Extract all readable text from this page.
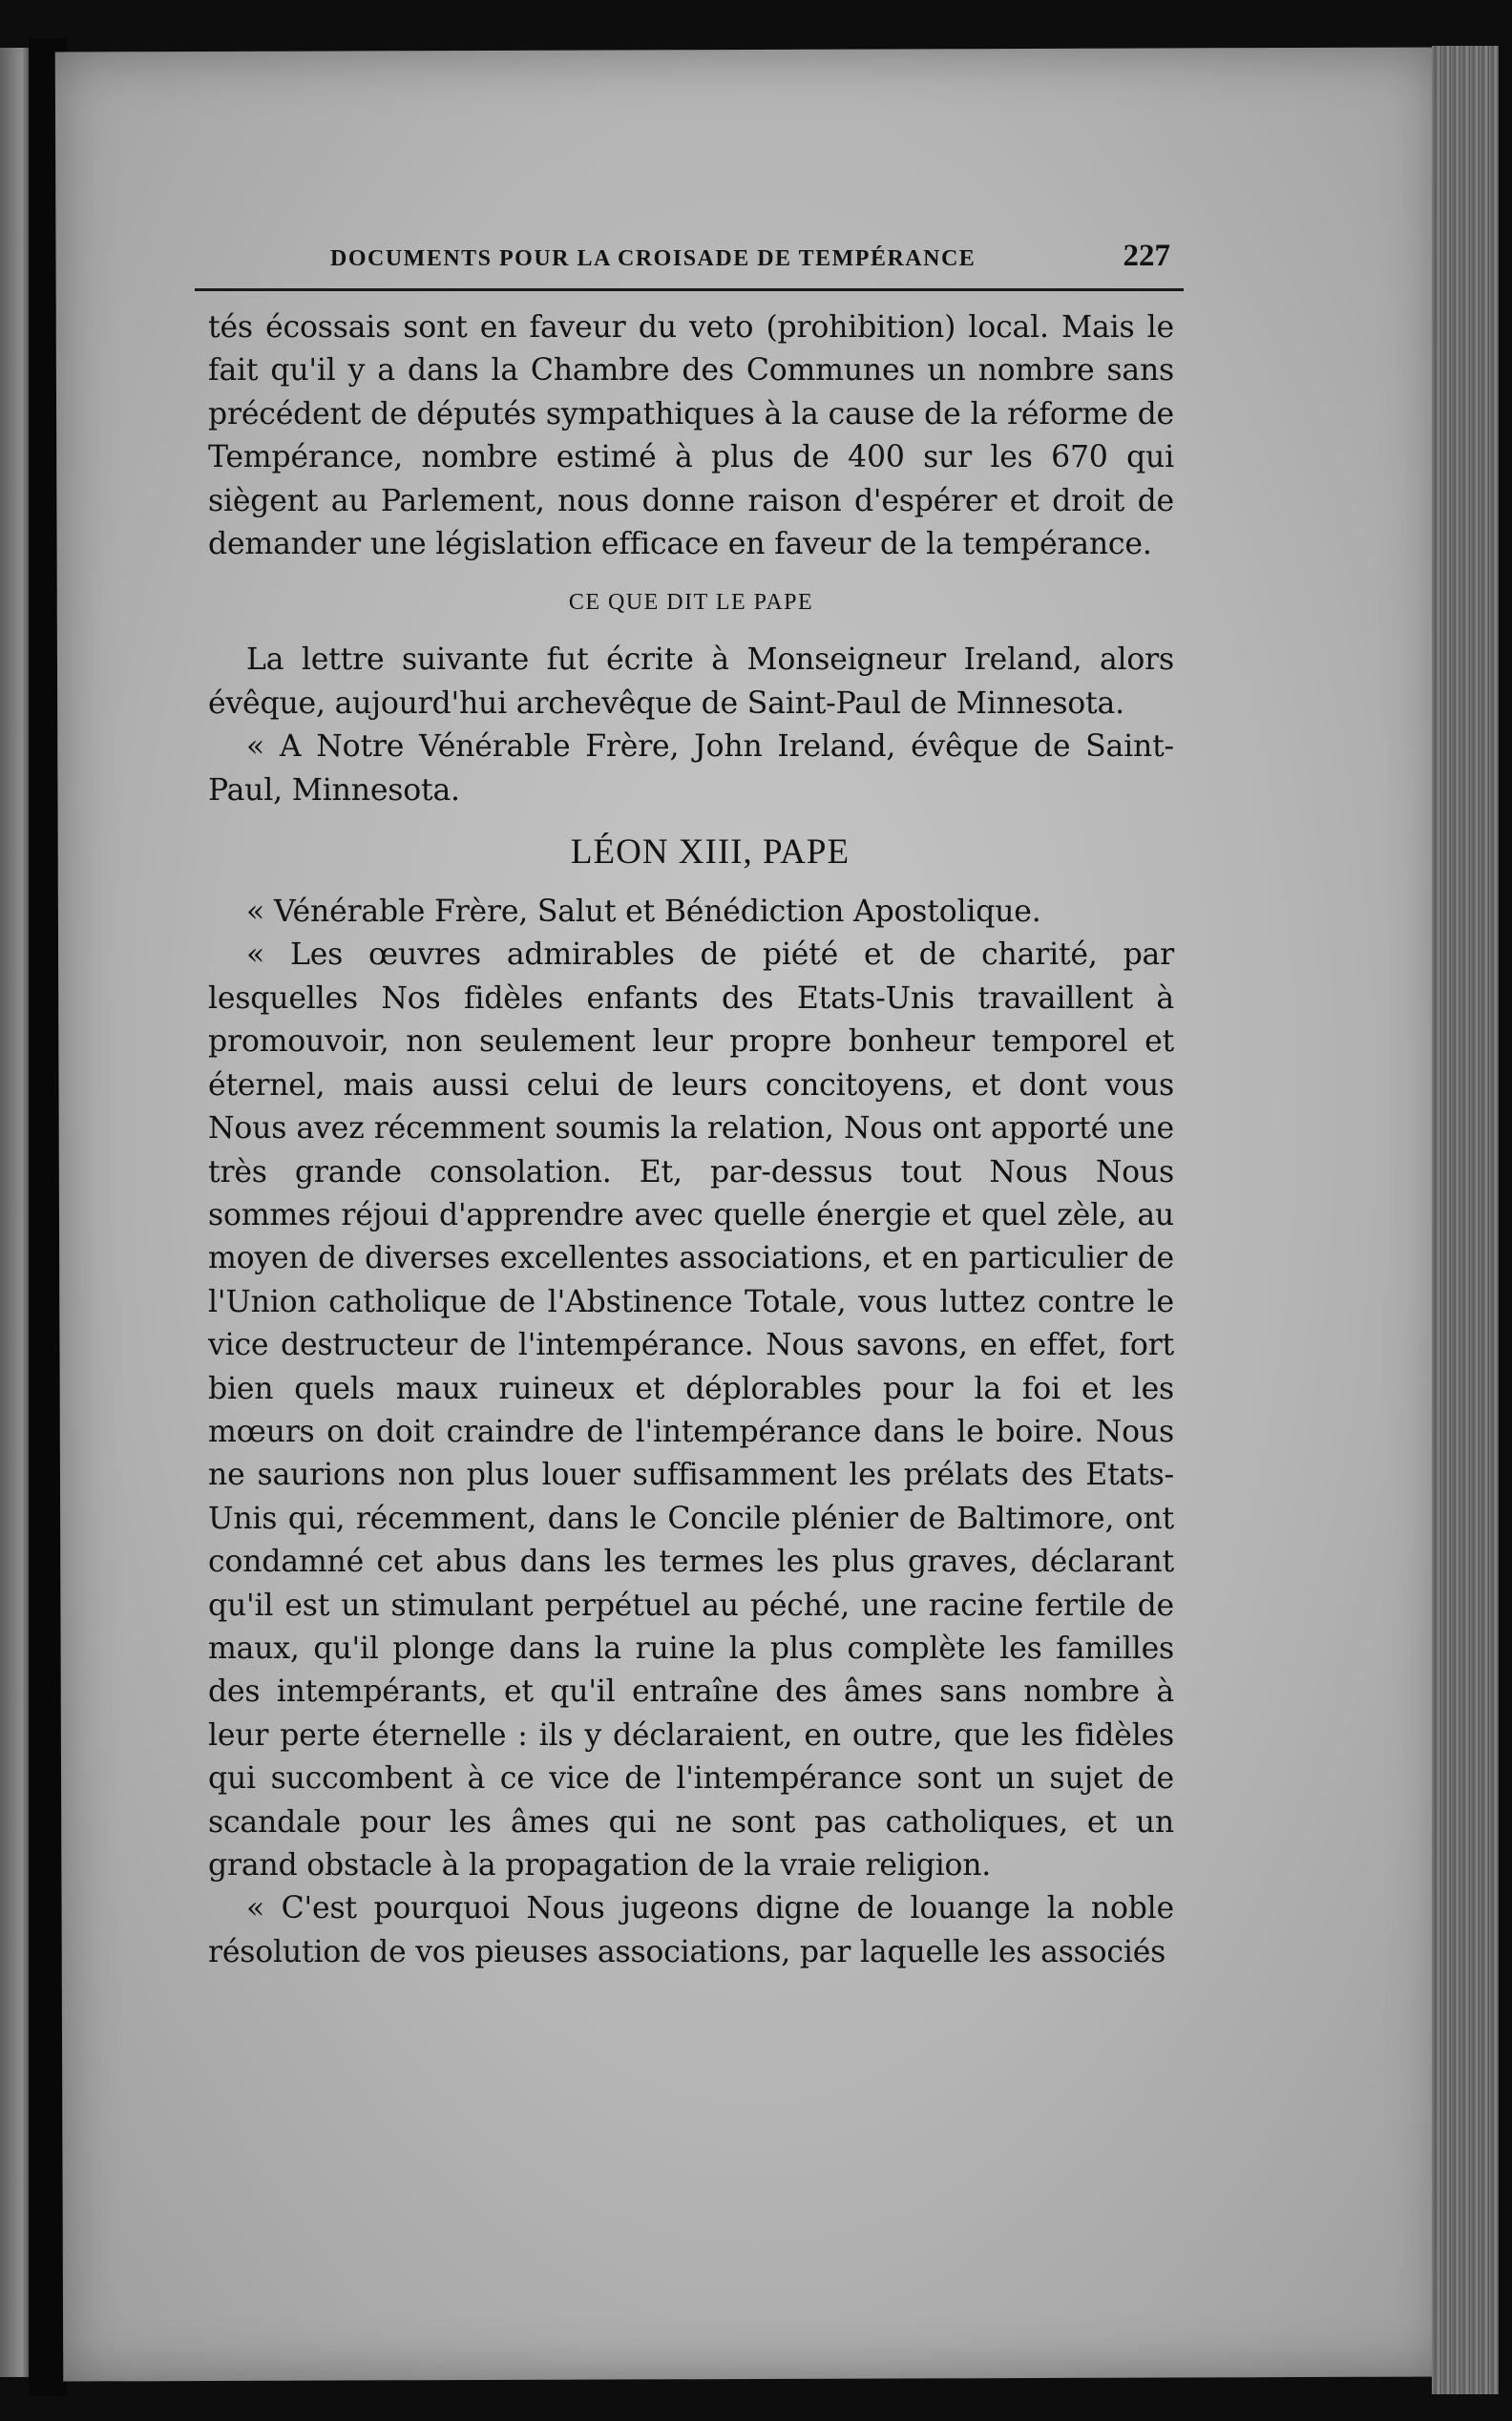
DOCUMENTS POUR LA CROISADE DE TEMPÉRANCE	227

tés écossais sont en faveur du veto (prohibition) local. Mais le fait qu'il y a dans la Chambre des Communes un nombre sans précédent de députés sympathiques à la cause de la réforme de Tempérance, nombre estimé à plus de 400 sur les 670 qui siègent au Parlement, nous donne raison d'espérer et droit de demander une législation efficace en faveur de la tempérance.

CE QUE DIT LE PAPE

La lettre suivante fut écrite à Monseigneur Ireland, alors évêque, aujourd'hui archevêque de Saint-Paul de Minnesota.

« A Notre Vénérable Frère, John Ireland, évêque de Saint-Paul, Minnesota.

LÉON XIII, PAPE

« Vénérable Frère, Salut et Bénédiction Apostolique.

« Les œuvres admirables de piété et de charité, par lesquelles Nos fidèles enfants des Etats-Unis travaillent à promouvoir, non seulement leur propre bonheur temporel et éternel, mais aussi celui de leurs concitoyens, et dont vous Nous avez récemment soumis la relation, Nous ont apporté une très grande consolation. Et, par-dessus tout Nous Nous sommes réjoui d'apprendre avec quelle énergie et quel zèle, au moyen de diverses excellentes associations, et en particulier de l'Union catholique de l'Abstinence Totale, vous luttez contre le vice destructeur de l'intempérance. Nous savons, en effet, fort bien quels maux ruineux et déplorables pour la foi et les mœurs on doit craindre de l'intempérance dans le boire. Nous ne saurions non plus louer suffisamment les prélats des Etats-Unis qui, récemment, dans le Concile plénier de Baltimore, ont condamné cet abus dans les termes les plus graves, déclarant qu'il est un stimulant perpétuel au péché, une racine fertile de maux, qu'il plonge dans la ruine la plus complète les familles des intempérants, et qu'il entraîne des âmes sans nombre à leur perte éternelle : ils y déclaraient, en outre, que les fidèles qui succombent à ce vice de l'intempérance sont un sujet de scandale pour les âmes qui ne sont pas catholiques, et un grand obstacle à la propagation de la vraie religion.

« C'est pourquoi Nous jugeons digne de louange la noble résolution de vos pieuses associations, par laquelle les associés
